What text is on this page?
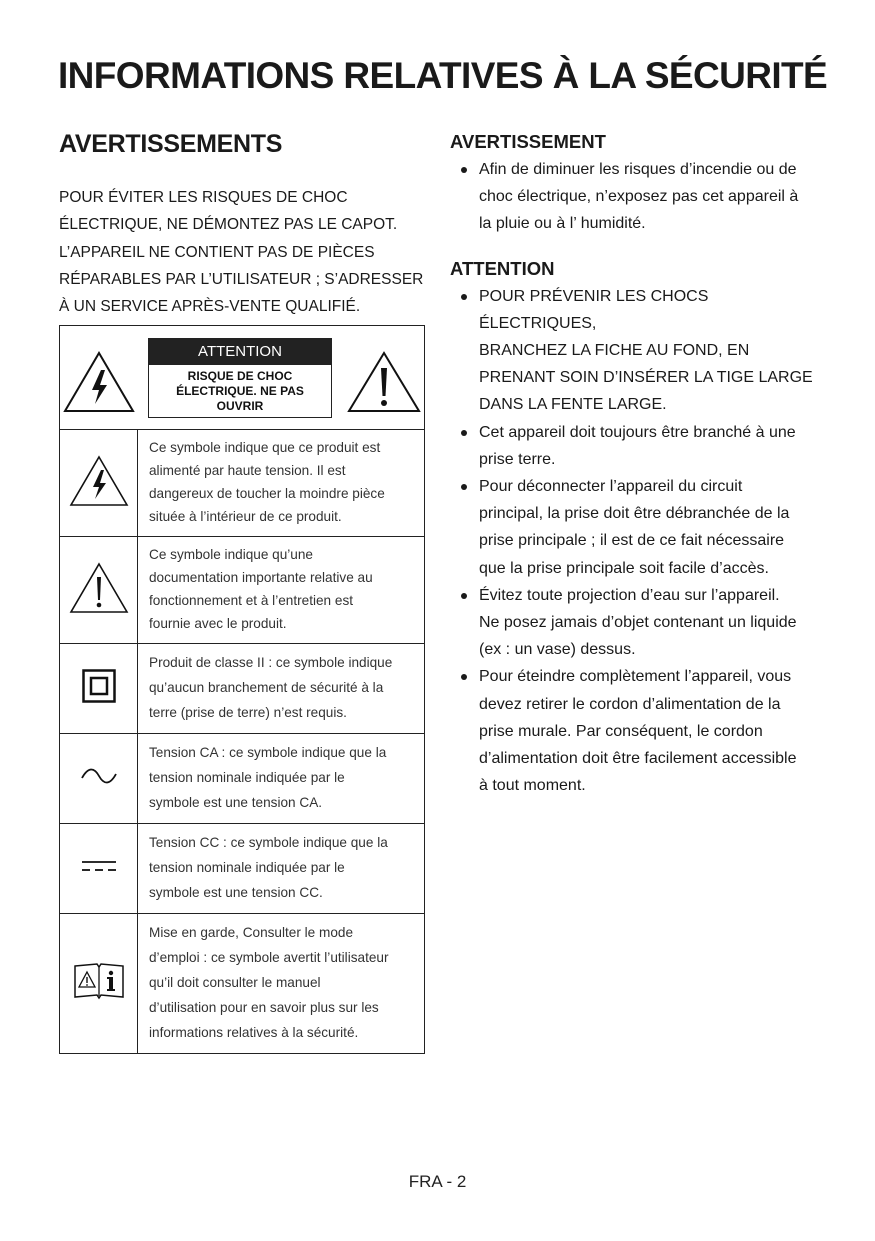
INFORMATIONS RELATIVES À LA SÉCURITÉ
AVERTISSEMENTS

POUR ÉVITER LES RISQUES DE CHOC
ÉLECTRIQUE, NE DÉMONTEZ PAS LE CAPOT.
L’APPAREIL NE CONTIENT PAS DE PIÈCES
RÉPARABLES PAR L’UTILISATEUR ; S’ADRESSER
À UN SERVICE APRÈS-VENTE QUALIFIÉ.

ATTENTION
RISQUE DE CHOC
ÉLECTRIQUE. NE PAS
OUVRIR	

	Ce symbole indique que ce produit est
alimenté par haute tension. Il est
dangereux de toucher la moindre pièce
située à l’intérieur de ce produit.
	Ce symbole indique qu’une
documentation importante relative au
fonctionnement et à l’entretien est
fournie avec le produit.
	Produit de classe II : ce symbole indique
qu’aucun branchement de sécurité à la
terre (prise de terre) n’est requis.
	Tension CA : ce symbole indique que la
tension nominale indiquée par le
symbole est une tension CA.
	Tension CC : ce symbole indique que la
tension nominale indiquée par le
symbole est une tension CC.
	Mise en garde, Consulter le mode
d’emploi : ce symbole avertit l’utilisateur
qu’il doit consulter le manuel
d’utilisation pour en savoir plus sur les
informations relatives à la sécurité.
AVERTISSEMENT
Afin de diminuer les risques d’incendie ou de
choc électrique, n’exposez pas cet appareil à
la pluie ou à l’ humidité.
ATTENTION
POUR PRÉVENIR LES CHOCS ÉLECTRIQUES,
BRANCHEZ LA FICHE AU FOND, EN
PRENANT SOIN D’INSÉRER LA TIGE LARGE
DANS LA FENTE LARGE.
Cet appareil doit toujours être branché à une
prise terre.
Pour déconnecter l’appareil du circuit
principal, la prise doit être débranchée de la
prise principale ; il est de ce fait nécessaire
que la prise principale soit facile d’accès.
Évitez toute projection d’eau sur l’appareil.
Ne posez jamais d’objet contenant un liquide
(ex : un vase) dessus.
Pour éteindre complètement l’appareil, vous
devez retirer le cordon d’alimentation de la
prise murale. Par conséquent, le cordon
d’alimentation doit être facilement accessible
à tout moment.
FRA - 2
